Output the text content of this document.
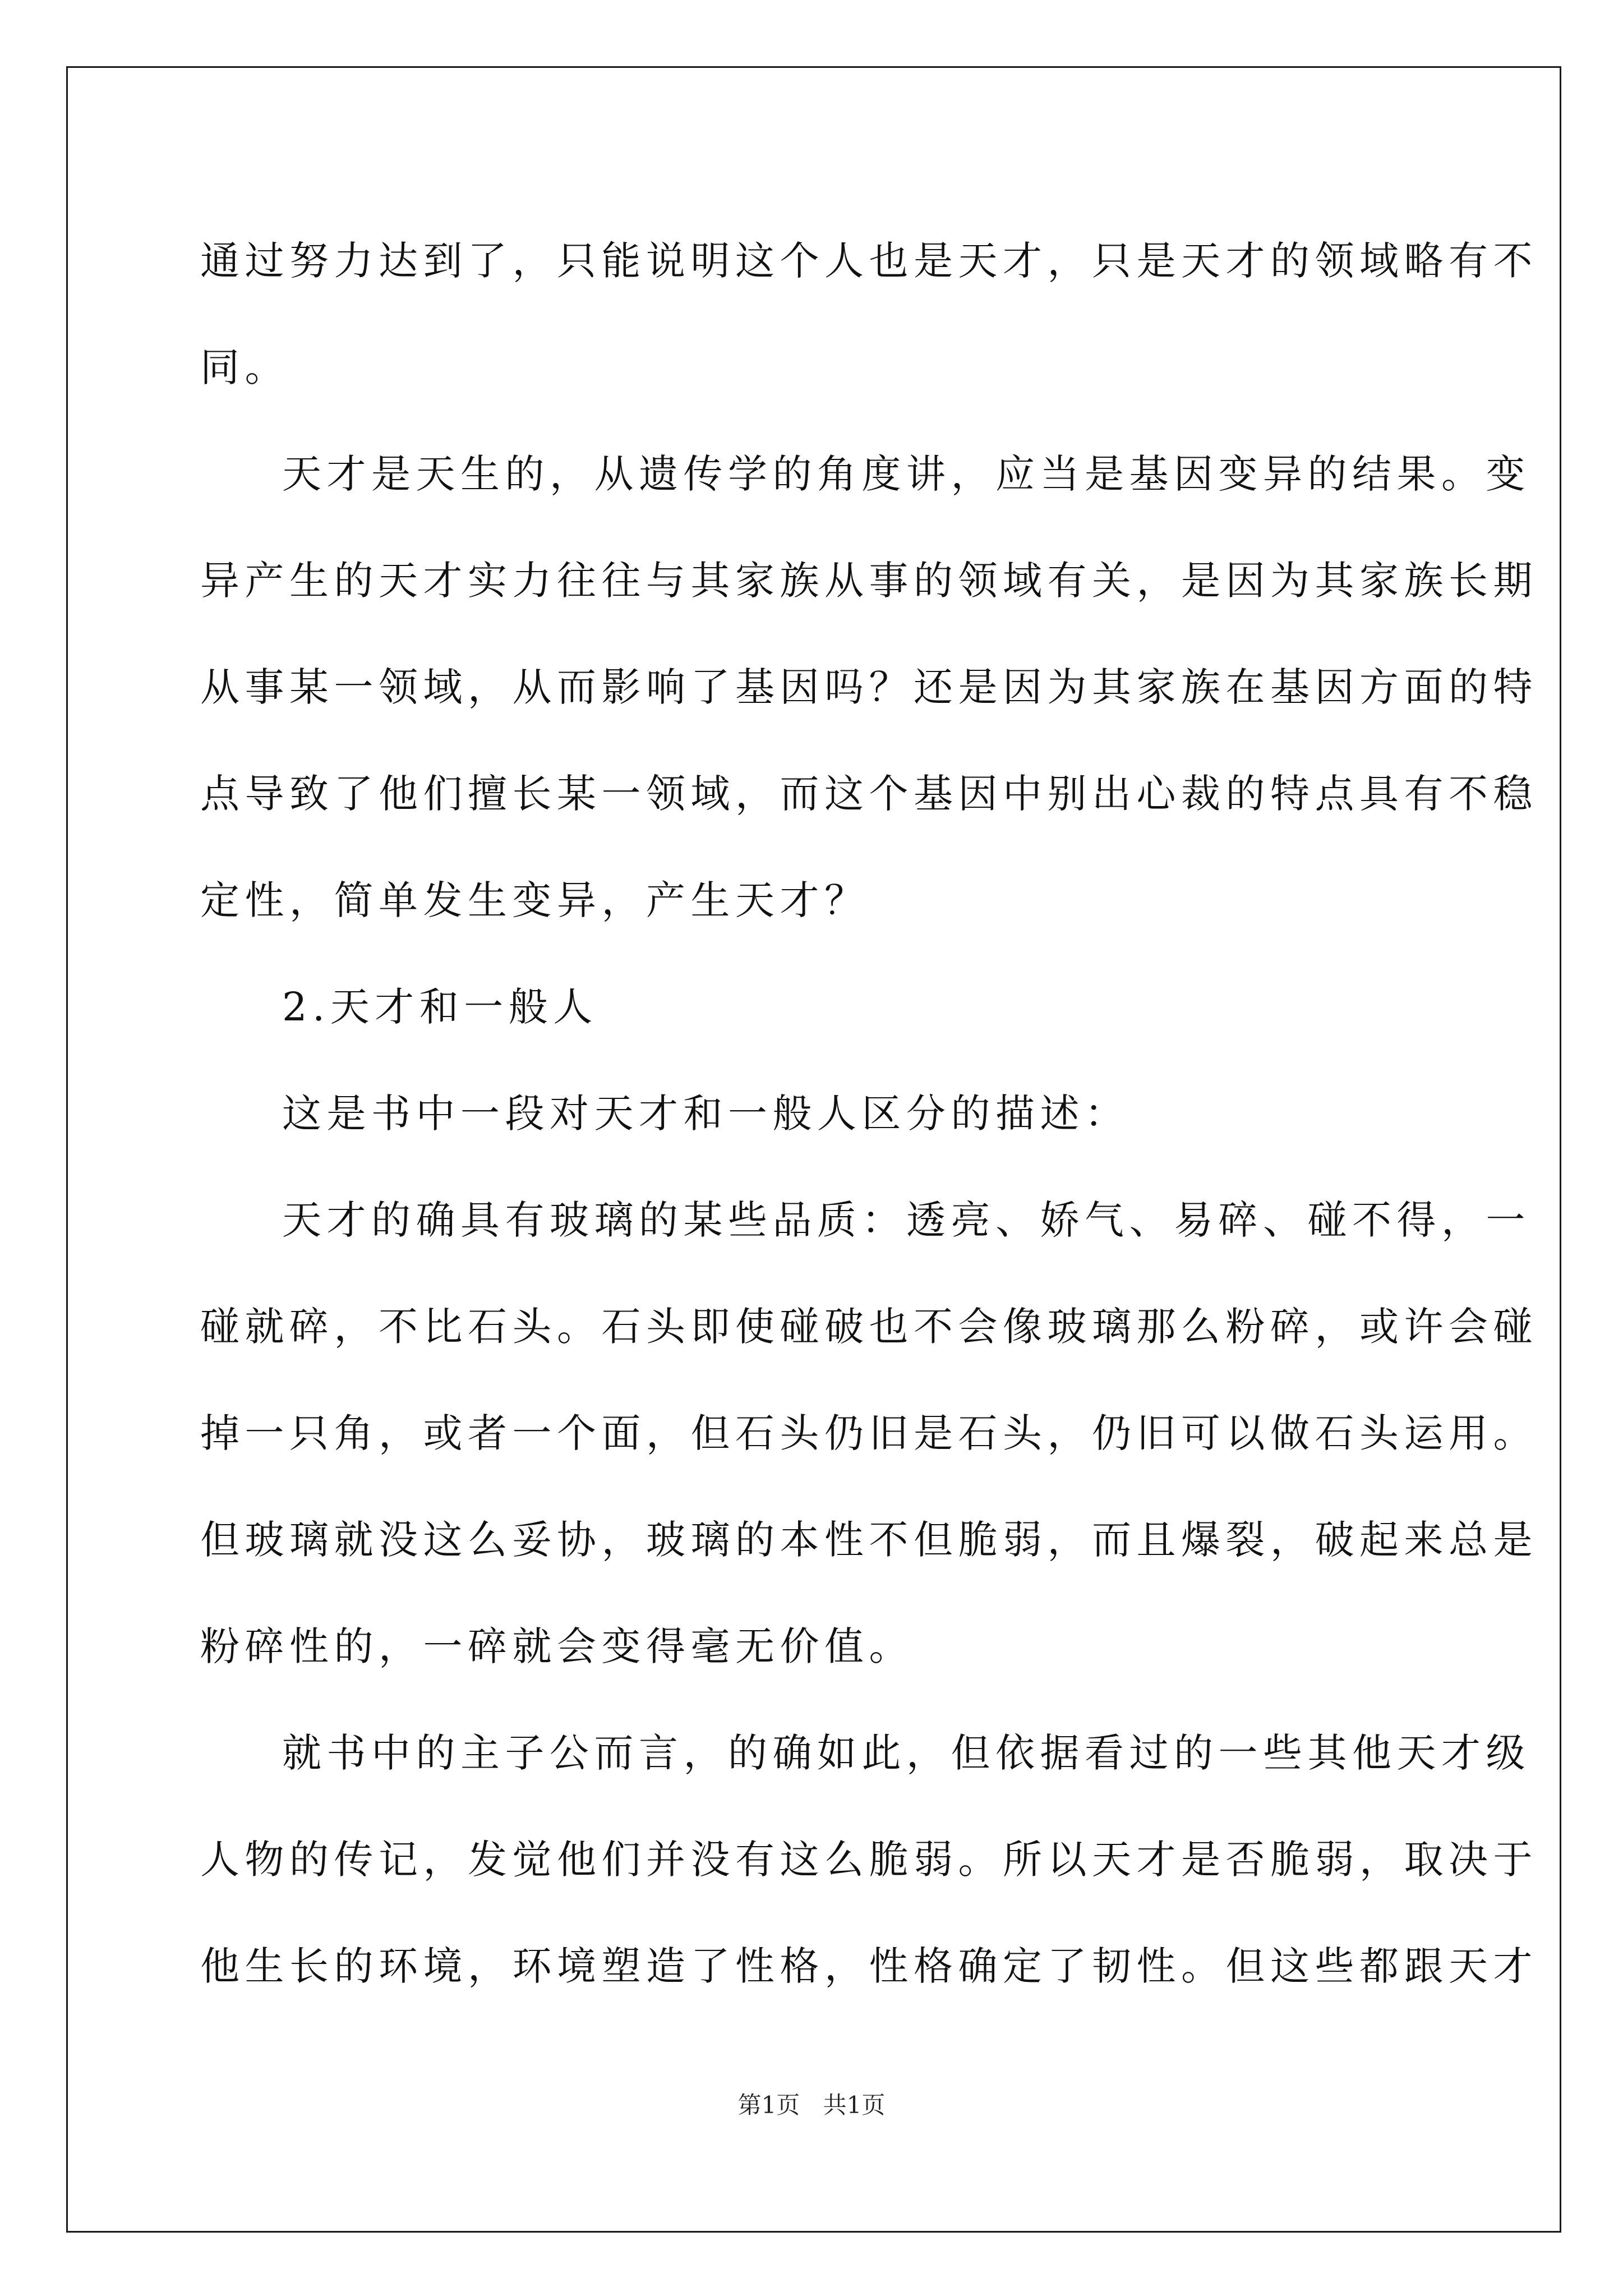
通过努力达到了，只能说明这个人也是天才，只是天才的领域略有不
同。
天才是天生的，从遗传学的角度讲，应当是基因变异的结果。变
异产生的天才实力往往与其家族从事的领域有关，是因为其家族长期
从事某一领域，从而影响了基因吗？还是因为其家族在基因方面的特
点导致了他们擅长某一领域，而这个基因中别出心裁的特点具有不稳
定性，简单发生变异，产生天才？
2.天才和一般人
这是书中一段对天才和一般人区分的描述：
天才的确具有玻璃的某些品质：透亮、娇气、易碎、碰不得，一
碰就碎，不比石头。石头即使碰破也不会像玻璃那么粉碎，或许会碰
掉一只角，或者一个面，但石头仍旧是石头，仍旧可以做石头运用。
但玻璃就没这么妥协，玻璃的本性不但脆弱，而且爆裂，破起来总是
粉碎性的，一碎就会变得毫无价值。
就书中的主子公而言，的确如此，但依据看过的一些其他天才级
人物的传记，发觉他们并没有这么脆弱。所以天才是否脆弱，取决于
他生长的环境，环境塑造了性格，性格确定了韧性。但这些都跟天才
第1页 共1页
